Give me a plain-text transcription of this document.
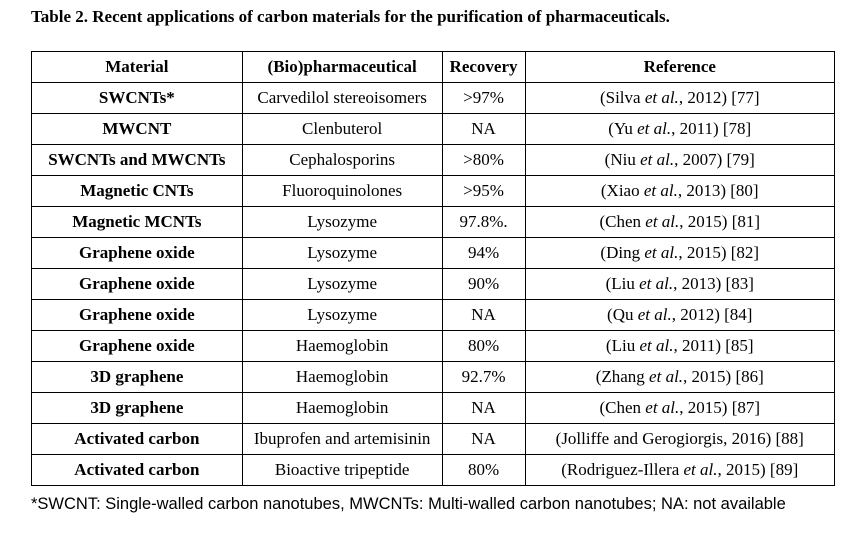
Table 2. Recent applications of carbon materials for the purification of pharmaceuticals.
Material	(Bio)pharmaceutical	Recovery	Reference
SWCNTs*	Carvedilol stereoisomers	>97%	(Silva et al., 2012) [77]
MWCNT	Clenbuterol	NA	(Yu et al., 2011) [78]
SWCNTs and MWCNTs	Cephalosporins	>80%	(Niu et al., 2007) [79]
Magnetic CNTs	Fluoroquinolones	>95%	(Xiao et al., 2013) [80]
Magnetic MCNTs	Lysozyme	97.8%.	(Chen et al., 2015) [81]
Graphene oxide	Lysozyme	94%	(Ding et al., 2015) [82]
Graphene oxide	Lysozyme	90%	(Liu et al., 2013) [83]
Graphene oxide	Lysozyme	NA	(Qu et al., 2012) [84]
Graphene oxide	Haemoglobin	80%	(Liu et al., 2011) [85]
3D graphene	Haemoglobin	92.7%	(Zhang et al., 2015) [86]
3D graphene	Haemoglobin	NA	(Chen et al., 2015) [87]
Activated carbon	Ibuprofen and artemisinin	NA	(Jolliffe and Gerogiorgis, 2016) [88]
Activated carbon	Bioactive tripeptide	80%	(Rodriguez-Illera et al., 2015) [89]
*SWCNT: Single-walled carbon nanotubes, MWCNTs: Multi-walled carbon nanotubes; NA: not available
